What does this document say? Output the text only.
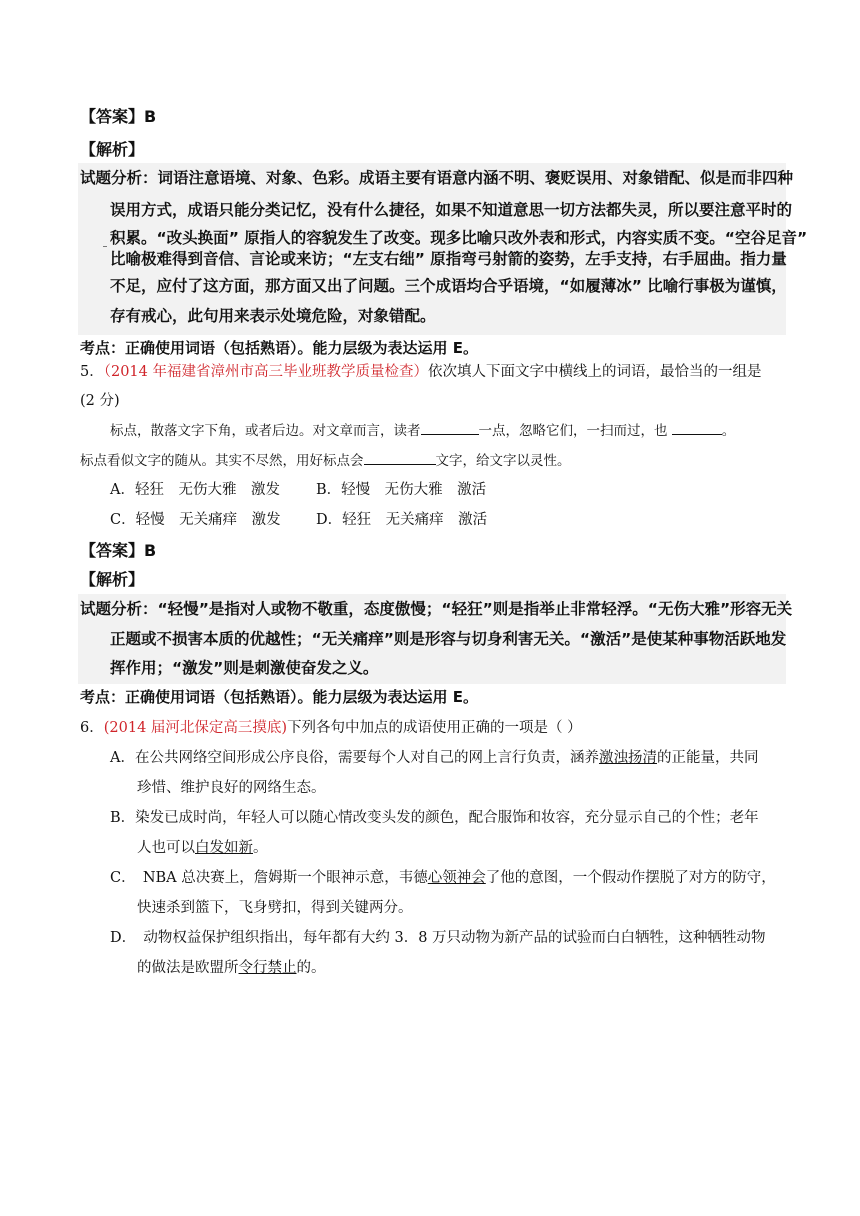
【答案】B
【解析】
试题分析：词语注意语境、对象、色彩。成语主要有语意内涵不明、褒贬误用、对象错配、似是而非四种
误用方式，成语只能分类记忆，没有什么捷径，如果不知道意思一切方法都失灵，所以要注意平时的
积累。“改头换面” 原指人的容貌发生了改变。现多比喻只改外表和形式，内容实质不变。“空谷足音”
比喻极难得到音信、言论或来访；“左支右绌” 原指弯弓射箭的姿势，左手支持，右手屈曲。指力量
不足，应付了这方面，那方面又出了问题。三个成语均合乎语境，“如履薄冰” 比喻行事极为谨慎，
存有戒心，此句用来表示处境危险，对象错配。
考点：正确使用词语（包括熟语）。能力层级为表达运用 E。
5．（2014 年福建省漳州市高三毕业班教学质量检查）依次填人下面文字中横线上的词语，最恰当的一组是
(2 分)
标点，散落文字下角，或者后边。对文章而言，读者	一点，忽略它们，一扫而过，也	。
标点看似文字的随从。其实不尽然，用好标点会	文字，给文字以灵性。
A．轻狂　无伤大雅　激发 B．轻慢　无伤大雅　激活
C．轻慢　无关痛痒　激发 D．轻狂　无关痛痒　激活
【答案】B
【解析】
试题分析：“轻慢”是指对人或物不敬重，态度傲慢；“轻狂”则是指举止非常轻浮。“无伤大雅”形容无关
正题或不损害本质的优越性；“无关痛痒”则是形容与切身利害无关。“激活”是使某种事物活跃地发
挥作用；“激发”则是刺激使奋发之义。
考点：正确使用词语（包括熟语）。能力层级为表达运用 E。
6．(2014 届河北保定高三摸底)下列各句中加点的成语使用正确的一项是（ ）
A．在公共网络空间形成公序良俗，需要每个人对自己的网上言行负责，涵养激浊扬清的正能量，共同
珍惜、维护良好的网络生态。
B．染发已成时尚，年轻人可以随心情改变头发的颜色，配合服饰和妆容，充分显示自己的个性；老年
人也可以白发如新。
C．　NBA 总决赛上，詹姆斯一个眼神示意，韦德心领神会了他的意图，一个假动作摆脱了对方的防守，
快速杀到篮下，飞身劈扣，得到关键两分。
D．　动物权益保护组织指出，每年都有大约 3．8 万只动物为新产品的试验而白白牺牲，这种牺牲动物
的做法是欧盟所令行禁止的。
